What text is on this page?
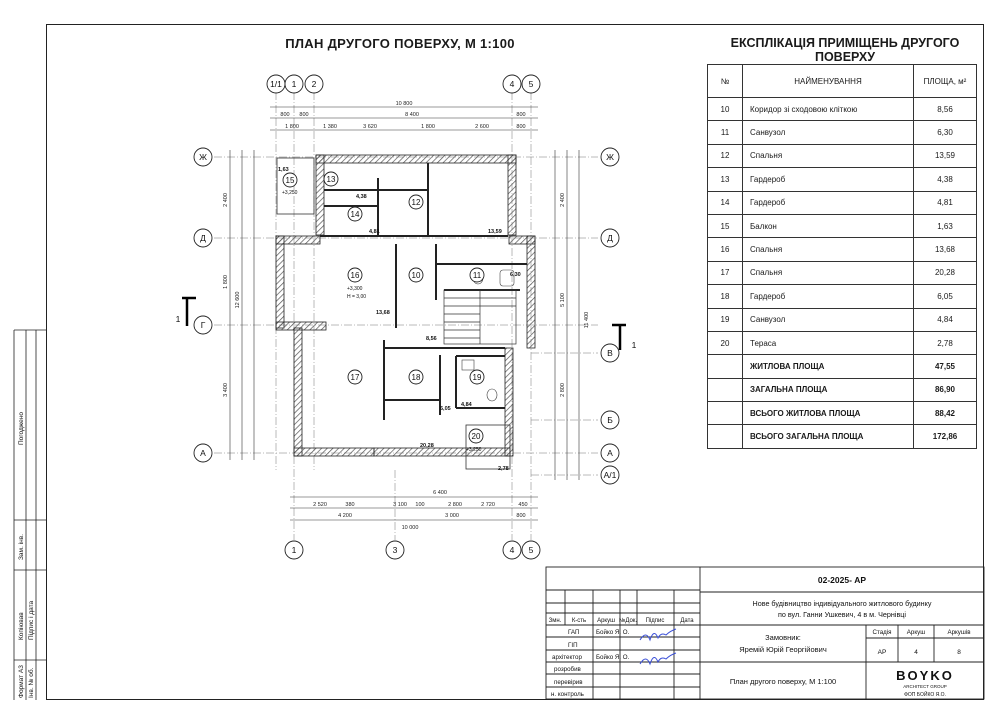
ПЛАН ДРУГОГО ПОВЕРХУ, М 1:100	ЕКСПЛІКАЦІЯ ПРИМІЩЕНЬ ДРУГОГО ПОВЕРХУ
№	НАЙМЕНУВАННЯ	ПЛОЩА, м²
10	Коридор зі сходовою кліткою	8,56
11	Санвузол	6,30
12	Спальня	13,59
13	Гардероб	4,38
14	Гардероб	4,81
15	Балкон	1,63
16	Спальня	13,68
17	Спальня	20,28
18	Гардероб	6,05
19	Санвузол	4,84
20	Тераса	2,78
	ЖИТЛОВА ПЛОЩА	47,55
	ЗАГАЛЬНА ПЛОЩА	86,90
	ВСЬОГО ЖИТЛОВА ПЛОЩА	88,42
	ВСЬОГО ЗАГАЛЬНА ПЛОЩА	172,86
1/1 1 2	4 5
1	3	4 5
Ж
Д
Г
А
Ж
Д
В
Б
А
А/1
1
1
10 800
800 800	8 400	800
1 800	1 380	3 620	1 800	2 600	800
6 400
2 520	380	3 100 100	2 800	2 720	450
4 200	3 000	800
10 000
2 400
1 800
12 600
3 400
2 400
11 400
5 100
2 800
13
14
12
15
16	10	11
17	18	19
20
4,38
4,81	13,59
1,63
13,68
8,56
6,30
20,28
6,05
4,84
2,78
+3,250
+3,300
Н = 3,00
+3,250
Погоджено
Зам. інв.
Копіював Підпис і дата
Інв. № об.
Формат А3
Змн. К-сть Аркуш №Док. Підпис	Дата
ГАП
ГІП
архітектор
розробив
перевірив
н. контроль
Бойко Я. О.
Бойко Я. О.
02-2025- АР
Нове будівництво індивідуального житлового будинку
по вул. Ганни Ушкевич, 4 в м. Чернівці
Замовник:
Яремій Юрій Георгійович
План другого поверху, М 1:100
Стадія Аркуш	Аркушів
АР	4	8
BOYKO
ARCHITECT GROUP
ФОП БОЙКО Я.О.
